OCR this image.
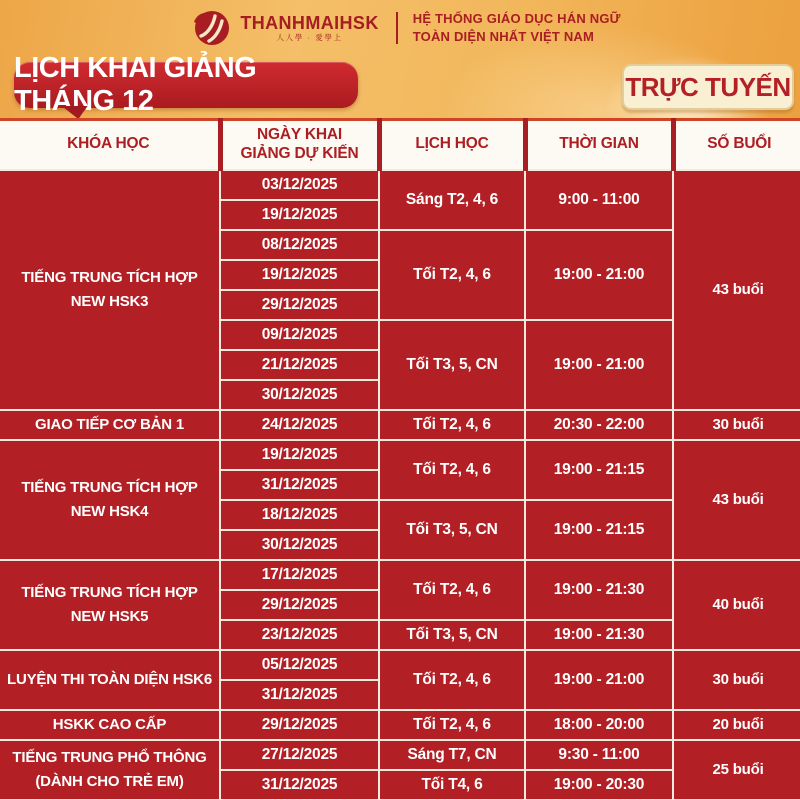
THANHMAIHSK
人人學 · 愛學上
HỆ THỐNG GIÁO DỤC HÁN NGỮ
TOÀN DIỆN NHẤT VIỆT NAM
LỊCH KHAI GIẢNG THÁNG 12	TRỰC TUYẾN
KHÓA HỌC	NGÀY KHAI GIẢNG DỰ KIẾN	LỊCH HỌC	THỜI GIAN	SỐ BUỔI

TIẾNG TRUNG TÍCH HỢP
NEW HSK3	03/12/2025	Sáng T2, 4, 6	9:00 - 11:00	43 buổi
	19/12/2025			
	08/12/2025	Tối T2, 4, 6	19:00 - 21:00	
	19/12/2025			
	29/12/2025			
	09/12/2025	Tối T3, 5, CN	19:00 - 21:00	
	21/12/2025			
	30/12/2025			

GIAO TIẾP CƠ BẢN 1	24/12/2025	Tối T2, 4, 6	20:30 - 22:00	30 buổi

TIẾNG TRUNG TÍCH HỢP
NEW HSK4	19/12/2025	Tối T2, 4, 6	19:00 - 21:15	43 buổi
	31/12/2025			
	18/12/2025	Tối T3, 5, CN	19:00 - 21:15	
	30/12/2025			

TIẾNG TRUNG TÍCH HỢP
NEW HSK5	17/12/2025	Tối T2, 4, 6	19:00 - 21:30	40 buổi
	29/12/2025			
	23/12/2025	Tối T3, 5, CN	19:00 - 21:30	

LUYỆN THI TOÀN DIỆN HSK6	05/12/2025	Tối T2, 4, 6	19:00 - 21:00	30 buổi
	31/12/2025			

HSKK CAO CẤP	29/12/2025	Tối T2, 4, 6	18:00 - 20:00	20 buổi

TIẾNG TRUNG PHỔ THÔNG
(DÀNH CHO TRẺ EM)	27/12/2025	Sáng T7, CN	9:30 - 11:00	25 buổi
	31/12/2025	Tối T4, 6	19:00 - 20:30	
